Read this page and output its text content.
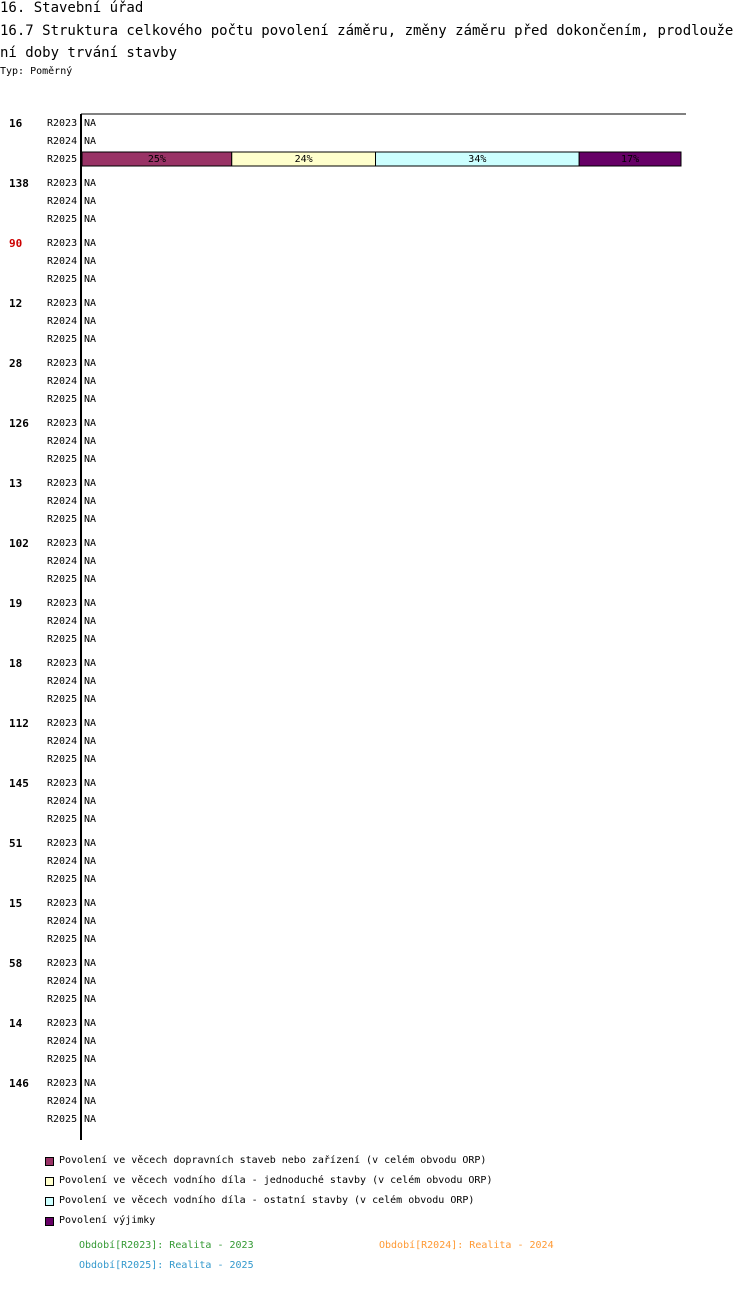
16. Stavební úřad
16.7 Struktura celkového počtu povolení záměru, změny záměru před dokončením, prodloužení doby trvání stavby
Typ: Poměrný
16 R2023 NA
R2024 NA
R2025	25%	24%	34%	17%
138 R2023 NA
R2024 NA
R2025 NA
90 R2023 NA
R2024 NA
R2025 NA
12 R2023 NA
R2024 NA
R2025 NA
28 R2023 NA
R2024 NA
R2025 NA
126 R2023 NA
R2024 NA
R2025 NA
13 R2023 NA
R2024 NA
R2025 NA
102 R2023 NA
R2024 NA
R2025 NA
19 R2023 NA
R2024 NA
R2025 NA
18 R2023 NA
R2024 NA
R2025 NA
112 R2023 NA
R2024 NA
R2025 NA
145 R2023 NA
R2024 NA
R2025 NA
51 R2023 NA
R2024 NA
R2025 NA
15 R2023 NA
R2024 NA
R2025 NA
58 R2023 NA
R2024 NA
R2025 NA
14 R2023 NA
R2024 NA
R2025 NA
146 R2023 NA
R2024 NA
R2025 NA
Povolení ve věcech dopravních staveb nebo zařízení (v celém obvodu ORP)
Povolení ve věcech vodního díla - jednoduché stavby (v celém obvodu ORP)
Povolení ve věcech vodního díla - ostatní stavby (v celém obvodu ORP)
Povolení výjimky
Období[R2023]: Realita - 2023	Období[R2024]: Realita - 2024
Období[R2025]: Realita - 2025
